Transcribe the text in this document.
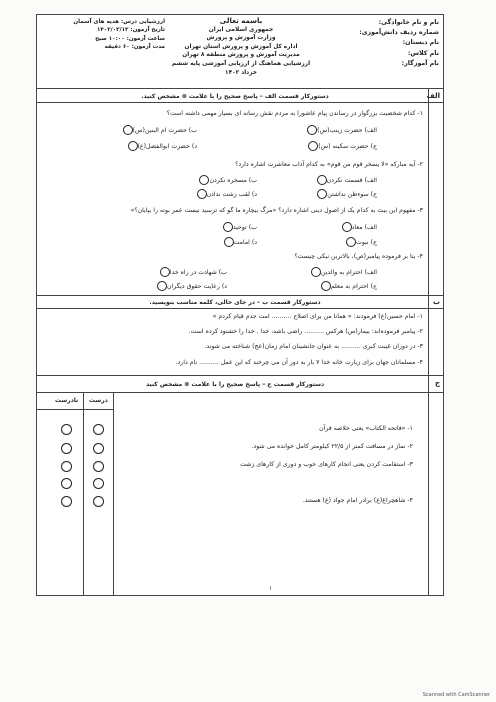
نام و نام خانوادگی:
شماره ردیف دانش‌آموزی:
نام دبستان:
نام کلاس:
نام آموزگار:
باسمه تعالی
جمهوری اسلامی ایران
وزارت آموزش و پرورش
اداره کل آموزش و پرورش استان تهران
مدیریت آموزش و پرورش منطقه ۸ تهران
ارزشیابی هماهنگ از ارزیابی آموزشی پایه ششم
خرداد ۱۴۰۲
ارزشیابی درس: هدیه های آسمان
تاریخ آزمون: ۱۴۰۲/۰۳/۱۳
ساعت آزمون: ۱۰:۰۰ صبح
مدت آزمون: ۶۰ دقیقه
الف
دستورکار قسمت الف – پاسخ صحیح را با علامت ⊗ مشخص کنید.
۱- کدام شخصیت بزرگوار در رساندن پیام عاشورا به مردم نقش رسانه ای بسیار مهمی داشته است؟
الف) حضرت زینب(س)
ب) حضرت ام البنین(س)
ج) حضرت سکینه (س)
د) حضرت ابوالفضل(ع)
۲- آیه مبارکه «لا یسخر قوم من قوم» به کدام آداب معاشرت اشاره دارد؟
الف) قسمت نکردن
ب) مسخره نکردن
ج) سوءظن نداشتن
د) لقب زشت ندادن
۳- مفهوم این بیت به کدام یک از اصول دینی اشاره دارد؟ «مرگ بیچاره ما گو که ترسید نیست عمر بوته را بپایان؟»
الف) معاد
ب) توحید
ج) نبوت
د) امامت
۴- بنا بر فرموده پیامبر(ص)، بالاترین نیکی چیست؟
الف) احترام به والدین
ب) شهادت در راه خدا
ج) احترام به معلم
د) رعایت حقوق دیگران
ب
دستورکار قسمت ب – در جای خالی، کلمه مناسب بنویسید.
۱- امام حسین(ع) فرمودند: « همانا من برای اصلاح .......... امت جدم قیام کردم »
۲- پیامبر فرموده‌اند: بیمار(س) هرکس .......... راضی باشد، خدا . خدا را خشنود کرده است.
۳- در دوران غیبت کبری .......... به عنوان جانشینان امام زمان(عج) شناخته می شوند.
۴- مسلمانان جهان برای زیارت خانه خدا ۷ بار به دور آن می چرخند که این عمل .......... نام دارد.
ج
دستورکار قسمت ج – پاسخ صحیح را با علامت ⊗ مشخص کنید
درست
نادرست
۱- «فاتحه الکتاب» یعنی خلاصه قرآن
۲- نماز در مسافت کمتر از ۲۲/۵ کیلومتر کامل خوانده می شود.
۳- استقامت کردن یعنی انجام کارهای خوب و دوری از کارهای زشت
۴- شاهچراغ(ع) برادر امام جواد (ع) هستند.
۱
Scanned with CamScanner
